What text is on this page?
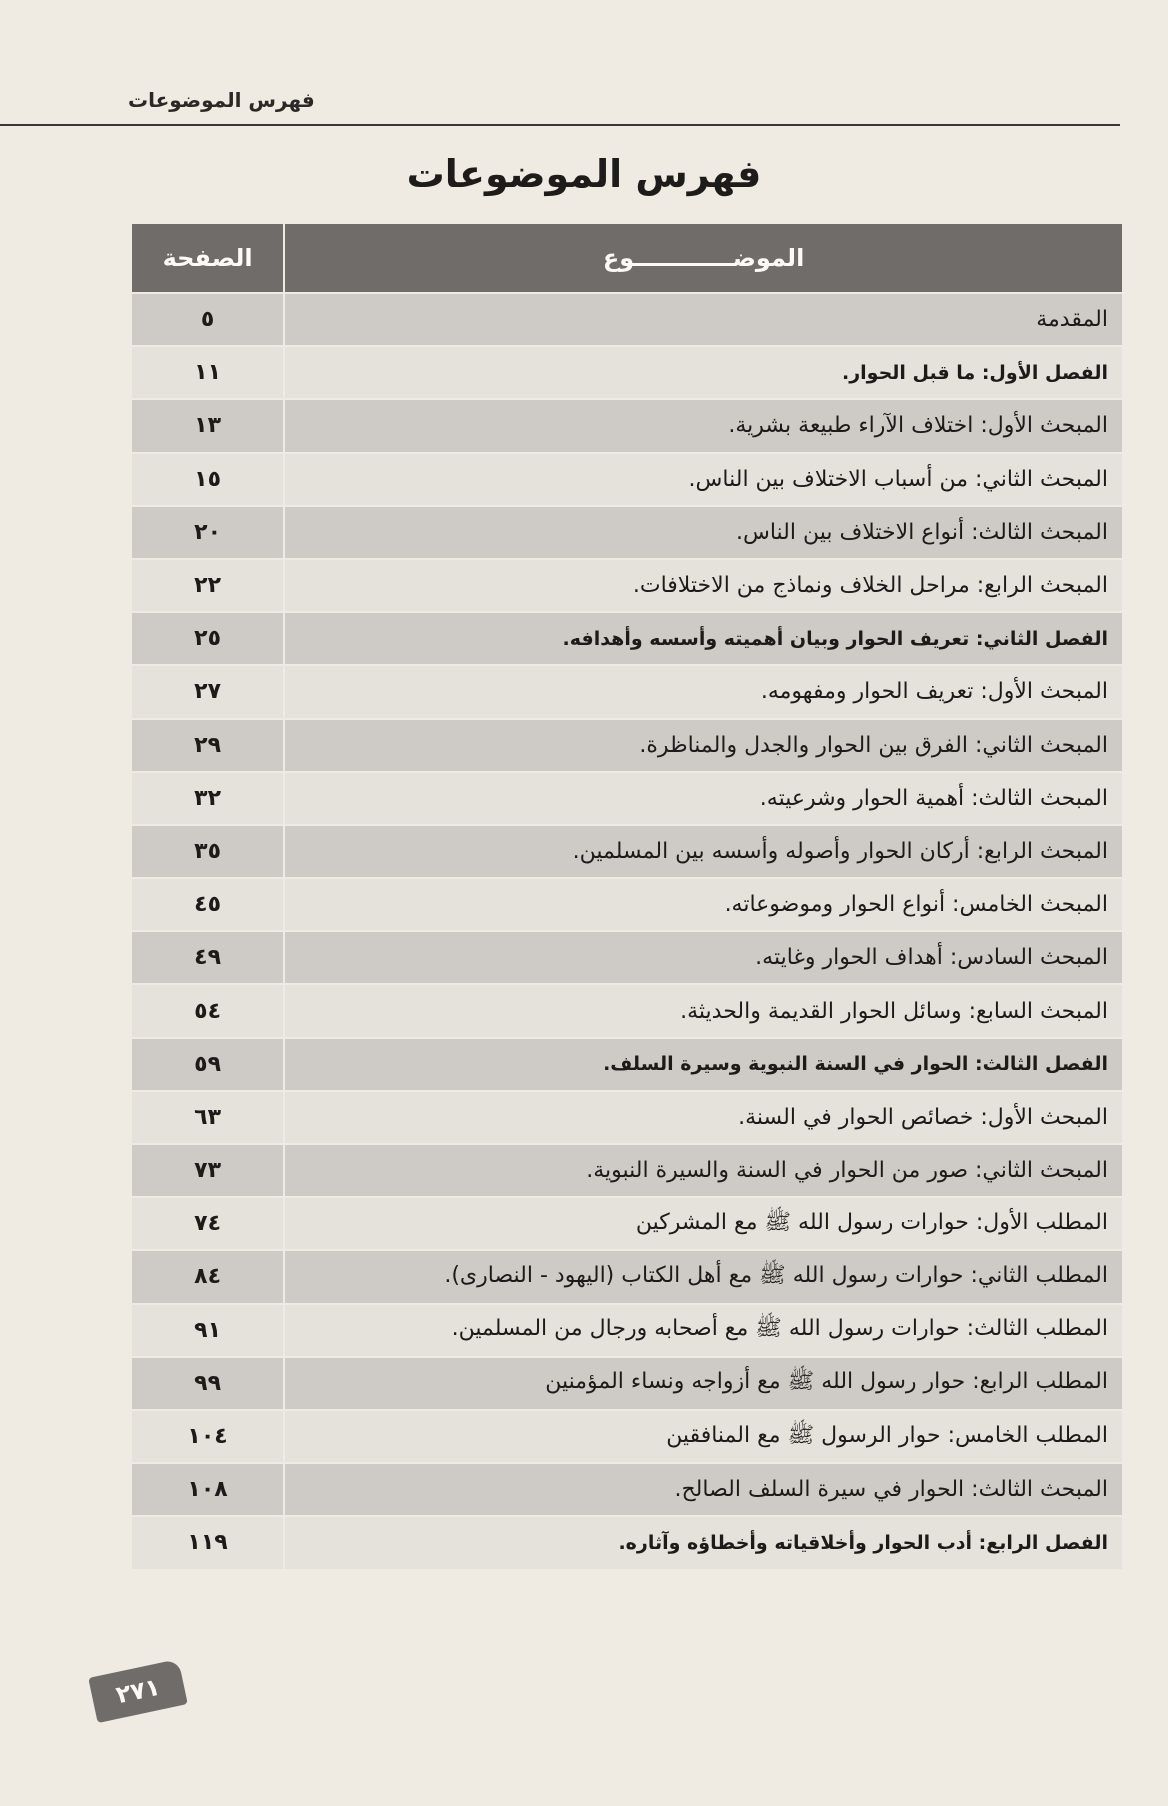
فهرس الموضوعات
فهرس الموضوعات
الموضــــــــــــوع	الصفحة
المقدمة	٥
الفصل الأول: ما قبل الحوار.	١١
المبحث الأول: اختلاف الآراء طبيعة بشرية.	١٣
المبحث الثاني: من أسباب الاختلاف بين الناس.	١٥
المبحث الثالث: أنواع الاختلاف بين الناس.	٢٠
المبحث الرابع: مراحل الخلاف ونماذج من الاختلافات.	٢٢
الفصل الثاني: تعريف الحوار وبيان أهميته وأسسه وأهدافه.	٢٥
المبحث الأول: تعريف الحوار ومفهومه.	٢٧
المبحث الثاني: الفرق بين الحوار والجدل والمناظرة.	٢٩
المبحث الثالث: أهمية الحوار وشرعيته.	٣٢
المبحث الرابع: أركان الحوار وأصوله وأسسه بين المسلمين.	٣٥
المبحث الخامس: أنواع الحوار وموضوعاته.	٤٥
المبحث السادس: أهداف الحوار وغايته.	٤٩
المبحث السابع: وسائل الحوار القديمة والحديثة.	٥٤
الفصل الثالث: الحوار في السنة النبوية وسيرة السلف.	٥٩
المبحث الأول: خصائص الحوار في السنة.	٦٣
المبحث الثاني: صور من الحوار في السنة والسيرة النبوية.	٧٣
المطلب الأول: حوارات رسول الله ﷺ مع المشركين	٧٤
المطلب الثاني: حوارات رسول الله ﷺ مع أهل الكتاب (اليهود - النصارى).	٨٤
المطلب الثالث: حوارات رسول الله ﷺ مع أصحابه ورجال من المسلمين.	٩١
المطلب الرابع: حوار رسول الله ﷺ مع أزواجه ونساء المؤمنين	٩٩
المطلب الخامس: حوار الرسول ﷺ مع المنافقين	١٠٤
المبحث الثالث: الحوار في سيرة السلف الصالح.	١٠٨
الفصل الرابع: أدب الحوار وأخلاقياته وأخطاؤه وآثاره.	١١٩
٢٧١
